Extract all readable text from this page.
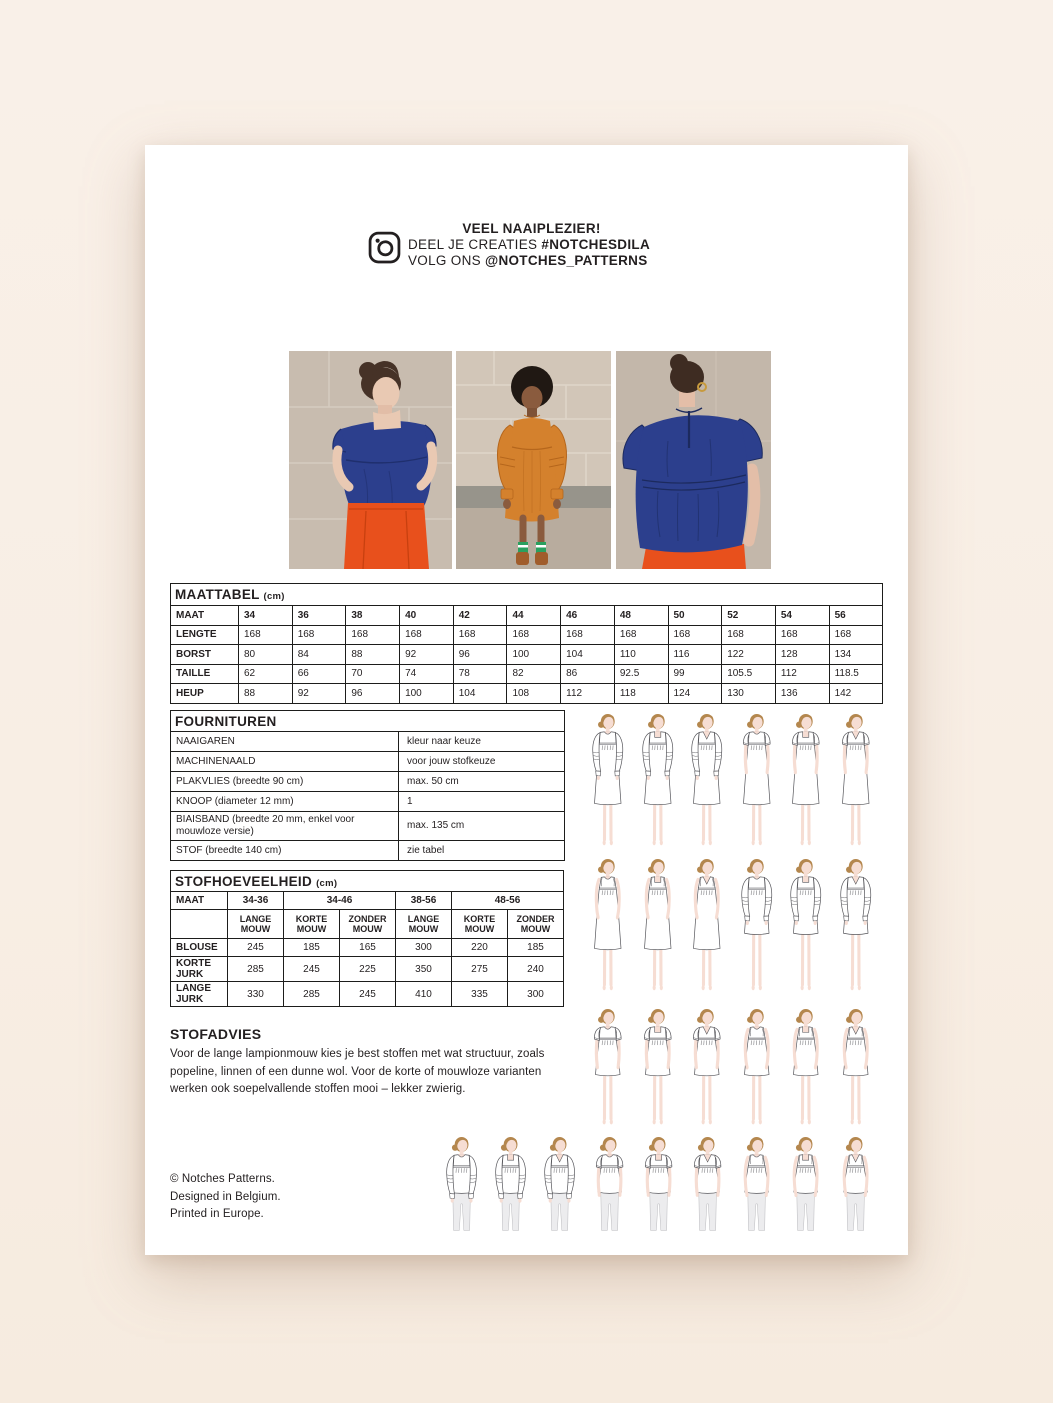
VEEL NAAIPLEZIER!
DEEL JE CREATIES #NOTCHESDILA
VOLG ONS @NOTCHES_PATTERNS
MAATTABEL (cm)												
MAAT	34	36	38	40	42	44	46	48	50	52	54	56
LENGTE	168	168	168	168	168	168	168	168	168	168	168	168
BORST	80	84	88	92	96	100	104	110	116	122	128	134
TAILLE	62	66	70	74	78	82	86	92.5	99	105.5	112	118.5
HEUP	88	92	96	100	104	108	112	118	124	130	136	142
FOURNITUREN	
NAAIGAREN	kleur naar keuze
MACHINENAALD	voor jouw stofkeuze
PLAKVLIES (breedte 90 cm)	max. 50 cm
KNOOP (diameter 12 mm)	1
BIAISBAND (breedte 20 mm, enkel voor mouwloze versie)	max. 135 cm
STOF (breedte 140 cm)	zie tabel
STOFHOEVEELHEID (cm)						
MAAT	34-36	34-46		38-56	48-56	
	LANGE MOUW	KORTE MOUW	ZONDER MOUW	LANGE MOUW	KORTE MOUW	ZONDER MOUW
BLOUSE	245	185	165	300	220	185
KORTE JURK	285	245	225	350	275	240
LANGE JURK	330	285	245	410	335	300
STOFADVIES
Voor de lange lampionmouw kies je best stoffen met wat structuur, zoals
popeline, linnen of een dunne wol. Voor de korte of mouwloze varianten
werken ook soepelvallende stoffen mooi – lekker zwierig.
© Notches Patterns.
Designed in Belgium.
Printed in Europe.
